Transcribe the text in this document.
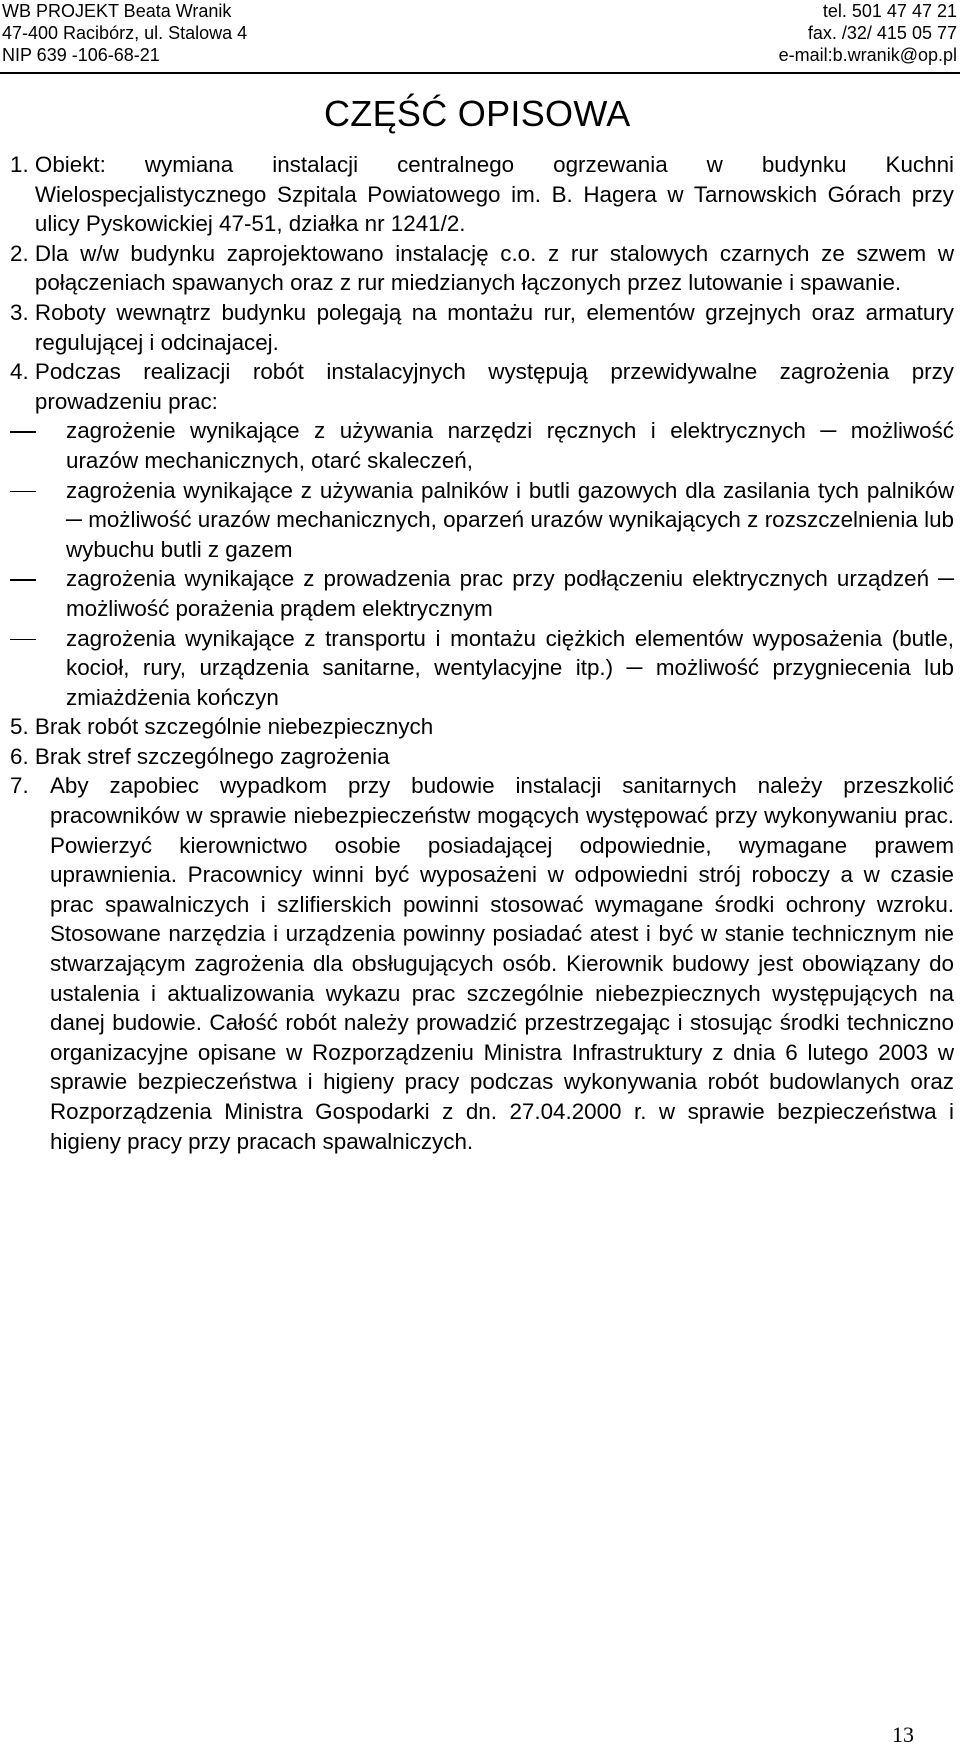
WB PROJEKT Beata Wranik
47-400 Racibórz, ul. Stalowa 4
NIP 639 -106-68-21
tel. 501 47 47 21
fax. /32/ 415 05 77
e-mail:b.wranik@op.pl
CZĘŚĆ OPISOWA
1. Obiekt: wymiana instalacji centralnego ogrzewania w budynku Kuchni Wielospecjalistycznego Szpitala Powiatowego im. B. Hagera w Tarnowskich Górach przy ulicy Pyskowickiej 47-51, działka nr 1241/2.
2. Dla w/w budynku zaprojektowano instalację c.o. z rur stalowych czarnych ze szwem w połączeniach spawanych oraz z rur miedzianych łączonych przez lutowanie i spawanie.
3. Roboty wewnątrz budynku polegają na montażu rur, elementów grzejnych oraz armatury regulującej i odcinajacej.
4. Podczas realizacji robót instalacyjnych występują przewidywalne zagrożenia przy prowadzeniu prac:
zagrożenie wynikające z używania narzędzi ręcznych i elektrycznych ─ możliwość urazów mechanicznych, otarć skaleczeń,
zagrożenia wynikające z używania palników i butli gazowych dla zasilania tych palników ─ możliwość urazów mechanicznych, oparzeń urazów wynikających z rozszczelnienia lub wybuchu butli z gazem
zagrożenia wynikające z prowadzenia prac przy podłączeniu elektrycznych urządzeń ─ możliwość porażenia prądem elektrycznym
zagrożenia wynikające z transportu i montażu ciężkich elementów wyposażenia (butle, kocioł, rury, urządzenia sanitarne, wentylacyjne itp.) ─ możliwość przygniecenia lub zmiażdżenia kończyn
5. Brak robót szczególnie niebezpiecznych
6. Brak stref szczególnego zagrożenia
7. Aby zapobiec wypadkom przy budowie instalacji sanitarnych należy przeszkolić pracowników w sprawie niebezpieczeństw mogących występować przy wykonywaniu prac. Powierzyć kierownictwo osobie posiadającej odpowiednie, wymagane prawem uprawnienia. Pracownicy winni być wyposażeni w odpowiedni strój roboczy a w czasie prac spawalniczych i szlifierskich powinni stosować wymagane środki ochrony wzroku. Stosowane narzędzia i urządzenia powinny posiadać atest i być w stanie technicznym nie stwarzającym zagrożenia dla obsługujących osób. Kierownik budowy jest obowiązany do ustalenia i aktualizowania wykazu prac szczególnie niebezpiecznych występujących na danej budowie. Całość robót należy prowadzić przestrzegając i stosując środki techniczno organizacyjne opisane w Rozporządzeniu Ministra Infrastruktury z dnia 6 lutego 2003 w sprawie bezpieczeństwa i higieny pracy podczas wykonywania robót budowlanych oraz Rozporządzenia Ministra Gospodarki z dn. 27.04.2000 r. w sprawie bezpieczeństwa i higieny pracy przy pracach spawalniczych.
13
